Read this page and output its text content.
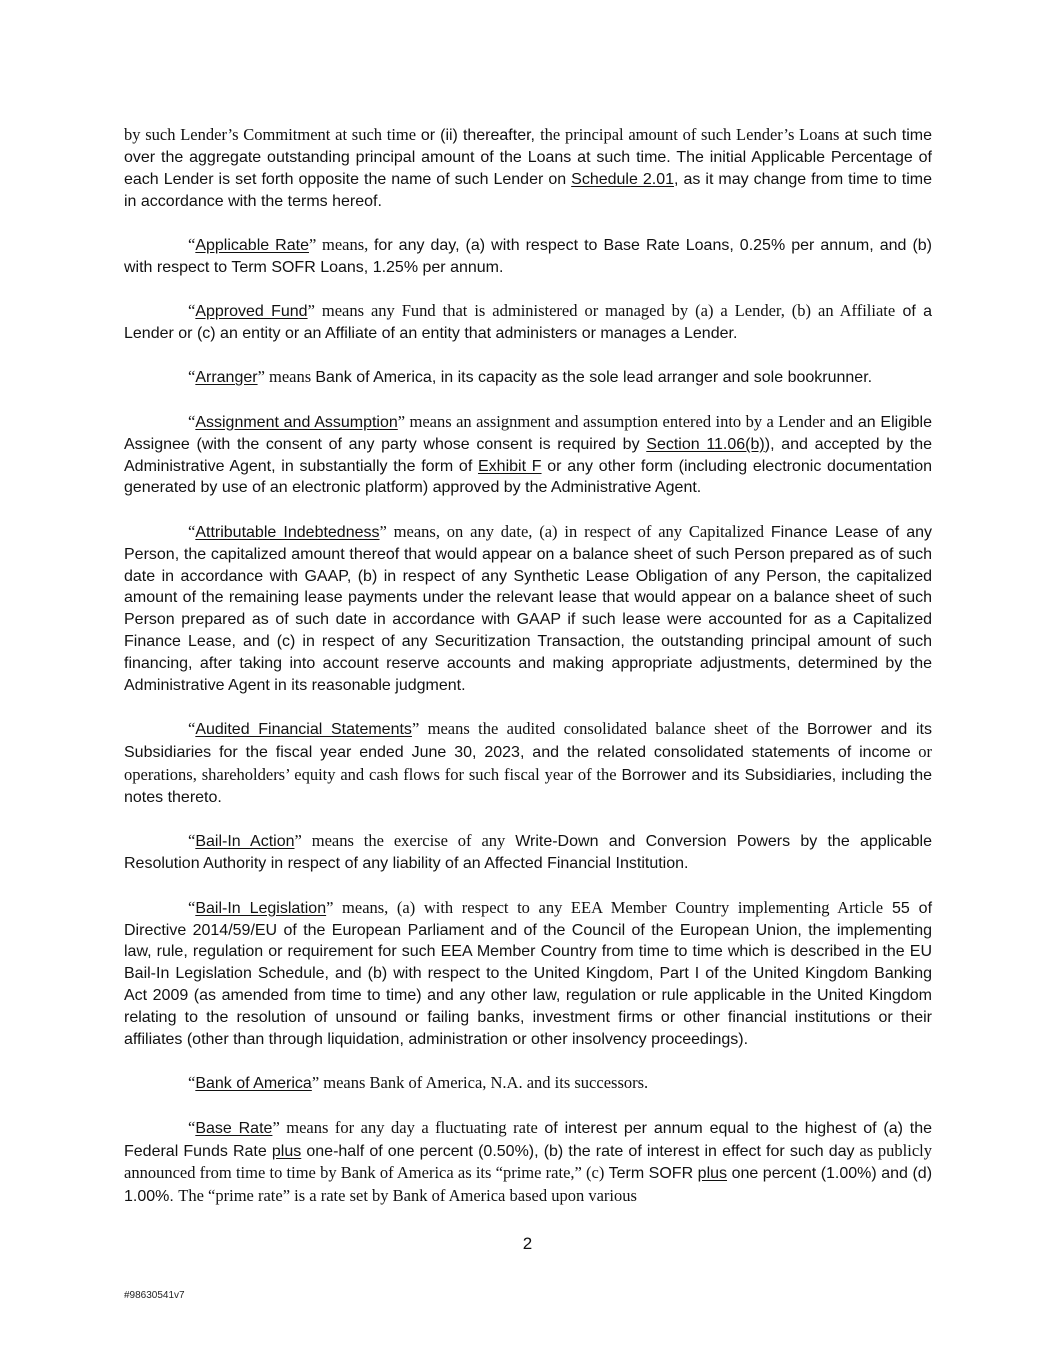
by such Lender’s Commitment at such time or (ii) thereafter, the principal amount of such Lender’s Loans at such time over the aggregate outstanding principal amount of the Loans at such time. The initial Applicable Percentage of each Lender is set forth opposite the name of such Lender on Schedule 2.01, as it may change from time to time in accordance with the terms hereof.

“Applicable Rate” means, for any day, (a) with respect to Base Rate Loans, 0.25% per annum, and (b) with respect to Term SOFR Loans, 1.25% per annum.

“Approved Fund” means any Fund that is administered or managed by (a) a Lender, (b) an Affiliate of a Lender or (c) an entity or an Affiliate of an entity that administers or manages a Lender.

“Arranger” means Bank of America, in its capacity as the sole lead arranger and sole bookrunner.

“Assignment and Assumption” means an assignment and assumption entered into by a Lender and an Eligible Assignee (with the consent of any party whose consent is required by Section 11.06(b)), and accepted by the Administrative Agent, in substantially the form of Exhibit F or any other form (including electronic documentation generated by use of an electronic platform) approved by the Administrative Agent.

“Attributable Indebtedness” means, on any date, (a) in respect of any Capitalized Finance Lease of any Person, the capitalized amount thereof that would appear on a balance sheet of such Person prepared as of such date in accordance with GAAP, (b) in respect of any Synthetic Lease Obligation of any Person, the capitalized amount of the remaining lease payments under the relevant lease that would appear on a balance sheet of such Person prepared as of such date in accordance with GAAP if such lease were accounted for as a Capitalized Finance Lease, and (c) in respect of any Securitization Transaction, the outstanding principal amount of such financing, after taking into account reserve accounts and making appropriate adjustments, determined by the Administrative Agent in its reasonable judgment.

“Audited Financial Statements” means the audited consolidated balance sheet of the Borrower and its Subsidiaries for the fiscal year ended June 30, 2023, and the related consolidated statements of income or operations, shareholders’ equity and cash flows for such fiscal year of the Borrower and its Subsidiaries, including the notes thereto.

“Bail-In Action” means the exercise of any Write-Down and Conversion Powers by the applicable Resolution Authority in respect of any liability of an Affected Financial Institution.

“Bail-In Legislation” means, (a) with respect to any EEA Member Country implementing Article 55 of Directive 2014/59/EU of the European Parliament and of the Council of the European Union, the implementing law, rule, regulation or requirement for such EEA Member Country from time to time which is described in the EU Bail-In Legislation Schedule, and (b) with respect to the United Kingdom, Part I of the United Kingdom Banking Act 2009 (as amended from time to time) and any other law, regulation or rule applicable in the United Kingdom relating to the resolution of unsound or failing banks, investment firms or other financial institutions or their affiliates (other than through liquidation, administration or other insolvency proceedings).

“Bank of America” means Bank of America, N.A. and its successors.

“Base Rate” means for any day a fluctuating rate of interest per annum equal to the highest of (a) the Federal Funds Rate plus one-half of one percent (0.50%), (b) the rate of interest in effect for such day as publicly announced from time to time by Bank of America as its “prime rate,” (c) Term SOFR plus one percent (1.00%) and (d) 1.00%. The “prime rate” is a rate set by Bank of America based upon various

2
#98630541v7
